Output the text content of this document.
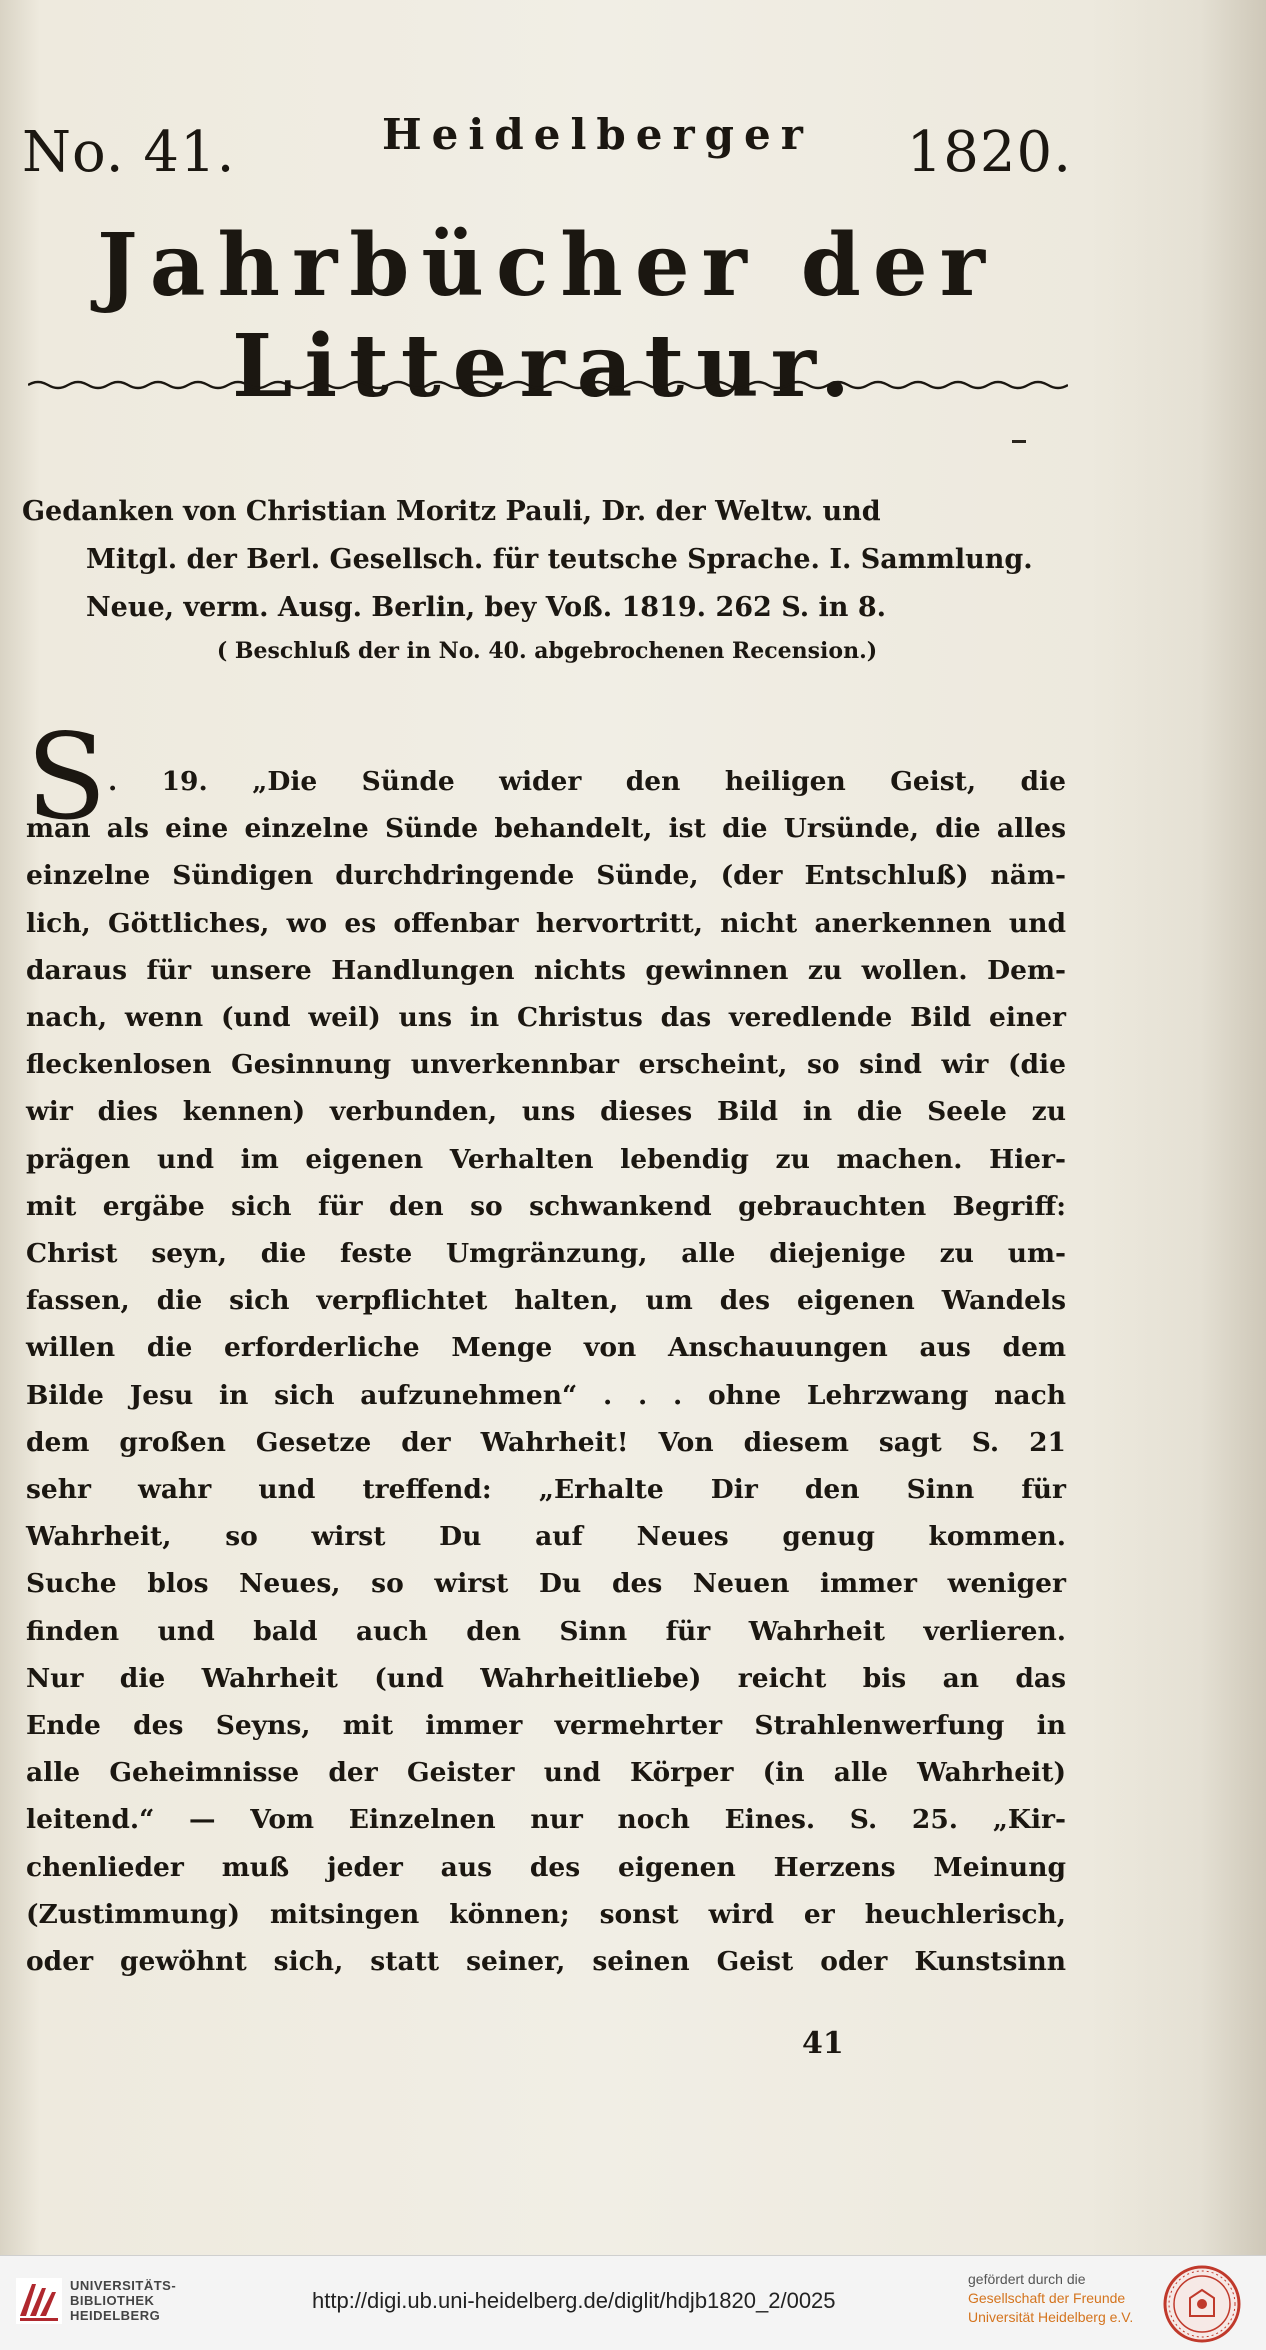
No. 41.	Heidelberger 1820.
Jahrbücher der Litteratur.
Gedanken von Christian Moritz Pauli, Dr. der Weltw. und
Mitgl. der Berl. Gesellsch. für teutsche Sprache. I. Sammlung.
Neue, verm. Ausg. Berlin, bey Voß. 1819. 262 S. in 8.
( Beschluß der in No. 40. abgebrochenen Recension.)
S . 19. „Die Sünde wider den heiligen Geist, die
man als eine einzelne Sünde behandelt, ist die Ursünde, die alles
einzelne Sündigen durchdringende Sünde, (der Entschluß) näm-
lich, Göttliches, wo es offenbar hervortritt, nicht anerkennen und
daraus für unsere Handlungen nichts gewinnen zu wollen. Dem-
nach, wenn (und weil) uns in Christus das veredlende Bild einer
fleckenlosen Gesinnung unverkennbar erscheint, so sind wir (die
wir dies kennen) verbunden, uns dieses Bild in die Seele zu
prägen und im eigenen Verhalten lebendig zu machen. Hier-
mit ergäbe sich für den so schwankend gebrauchten Begriff:
Christ seyn, die feste Umgränzung, alle diejenige zu um-
fassen, die sich verpflichtet halten, um des eigenen Wandels
willen die erforderliche Menge von Anschauungen aus dem
Bilde Jesu in sich aufzunehmen“ . . . ohne Lehrzwang nach
dem großen Gesetze der Wahrheit! Von diesem sagt S. 21
sehr wahr und treffend: „Erhalte Dir den Sinn für
Wahrheit, so wirst Du auf Neues genug kommen.
Suche blos Neues, so wirst Du des Neuen immer weniger
finden und bald auch den Sinn für Wahrheit verlieren.
Nur die Wahrheit (und Wahrheitliebe) reicht bis an das
Ende des Seyns, mit immer vermehrter Strahlenwerfung in
alle Geheimnisse der Geister und Körper (in alle Wahrheit)
leitend.“ — Vom Einzelnen nur noch Eines. S. 25. „Kir-
chenlieder muß jeder aus des eigenen Herzens Meinung
(Zustimmung) mitsingen können; sonst wird er heuchlerisch,
oder gewöhnt sich, statt seiner, seinen Geist oder Kunstsinn
41
UNIVERSITÄTS-
BIBLIOTHEK
HEIDELBERG
http://digi.ub.uni-heidelberg.de/diglit/hdjb1820_2/0025
gefördert durch die
Gesellschaft der Freunde
Universität Heidelberg e.V.
